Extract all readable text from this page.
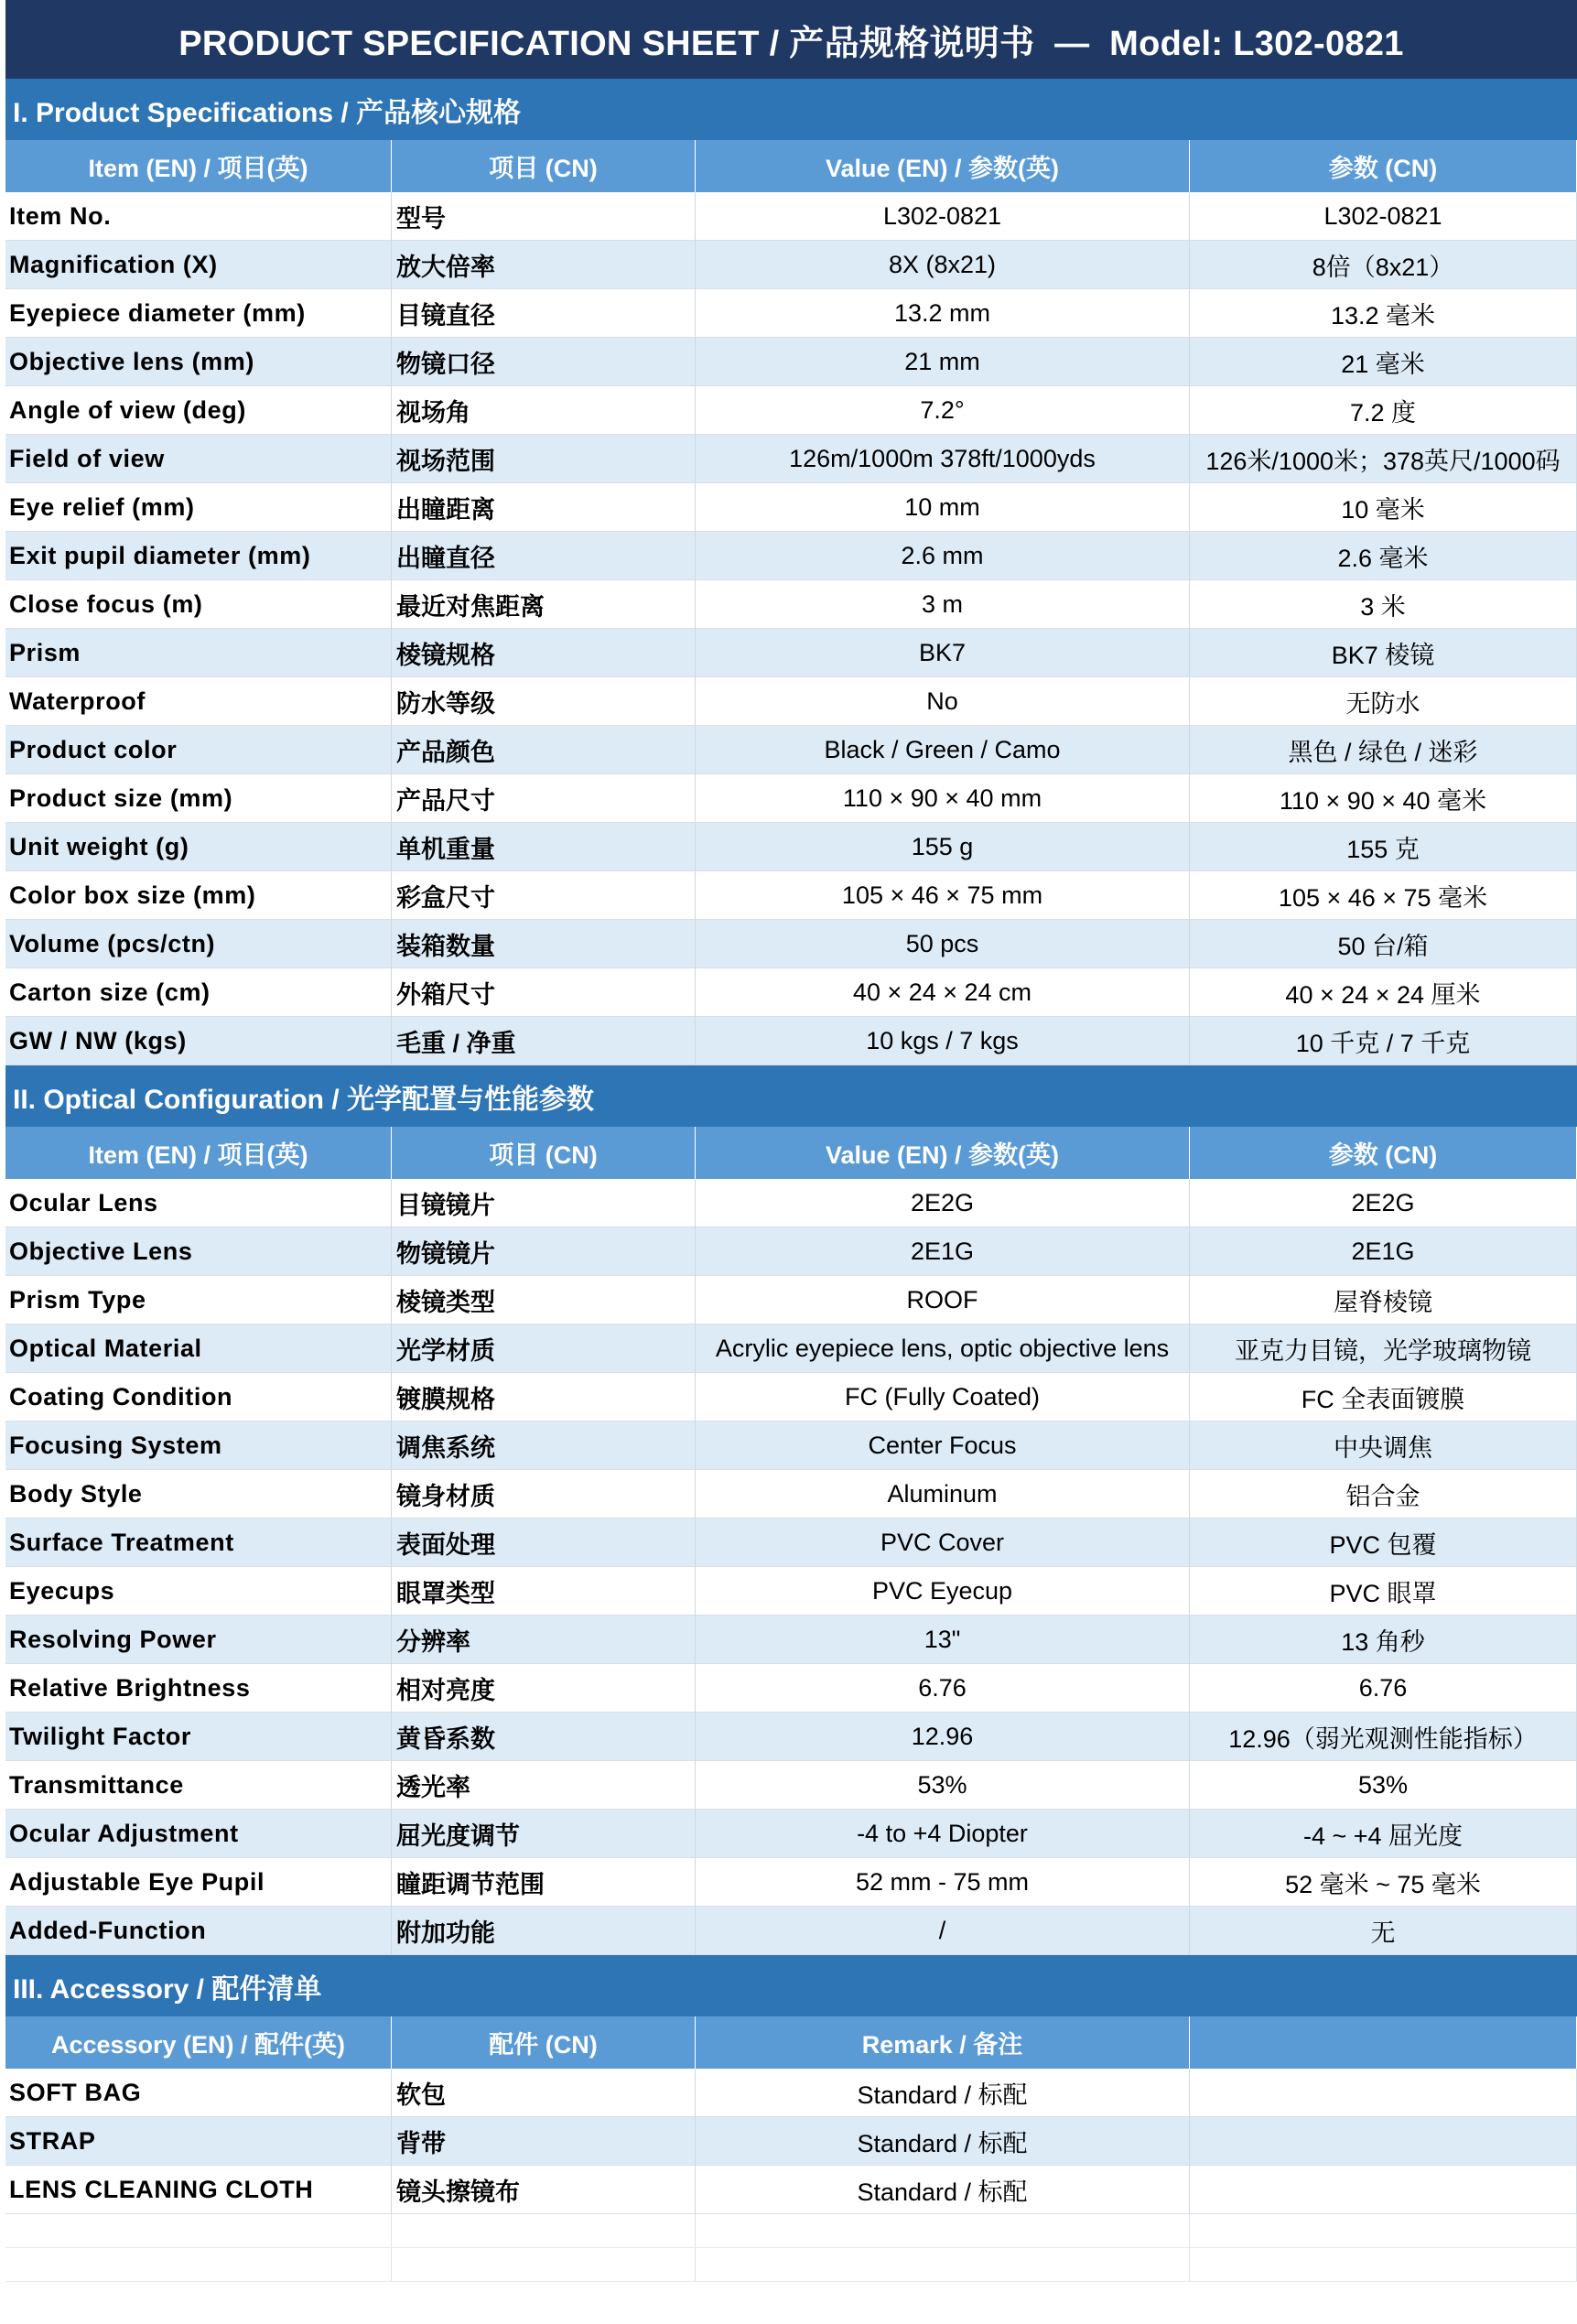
PRODUCT SPECIFICATION SHEET / 产品规格说明书  —  Model: L302-0821
I. Product Specifications / 产品核心规格
Item (EN) / 项目(英)	项目 (CN)	Value (EN) / 参数(英)	参数 (CN)
Item No.	型号	L302-0821	L302-0821
Magnification (X)	放大倍率	8X (8x21)	8倍（8x21）
Eyepiece diameter (mm)	目镜直径	13.2 mm	13.2 毫米
Objective lens (mm)	物镜口径	21 mm	21 毫米
Angle of view (deg)	视场角	7.2°	7.2 度
Field of view	视场范围	126m/1000m 378ft/1000yds	126米/1000米；378英尺/1000码
Eye relief (mm)	出瞳距离	10 mm	10 毫米
Exit pupil diameter (mm)	出瞳直径	2.6 mm	2.6 毫米
Close focus (m)	最近对焦距离	3 m	3 米
Prism	棱镜规格	BK7	BK7 棱镜
Waterproof	防水等级	No	无防水
Product color	产品颜色	Black / Green / Camo	黑色 / 绿色 / 迷彩
Product size (mm)	产品尺寸	110 × 90 × 40 mm	110 × 90 × 40 毫米
Unit weight (g)	单机重量	155 g	155 克
Color box size (mm)	彩盒尺寸	105 × 46 × 75 mm	105 × 46 × 75 毫米
Volume (pcs/ctn)	装箱数量	50 pcs	50 台/箱
Carton size (cm)	外箱尺寸	40 × 24 × 24 cm	40 × 24 × 24 厘米
GW / NW (kgs)	毛重 / 净重	10 kgs / 7 kgs	10 千克 / 7 千克
II. Optical Configuration / 光学配置与性能参数
Item (EN) / 项目(英)	项目 (CN)	Value (EN) / 参数(英)	参数 (CN)
Ocular Lens	目镜镜片	2E2G	2E2G
Objective Lens	物镜镜片	2E1G	2E1G
Prism Type	棱镜类型	ROOF	屋脊棱镜
Optical Material	光学材质	Acrylic eyepiece lens, optic objective lens	亚克力目镜，光学玻璃物镜
Coating Condition	镀膜规格	FC (Fully Coated)	FC 全表面镀膜
Focusing System	调焦系统	Center Focus	中央调焦
Body Style	镜身材质	Aluminum	铝合金
Surface Treatment	表面处理	PVC Cover	PVC 包覆
Eyecups	眼罩类型	PVC Eyecup	PVC 眼罩
Resolving Power	分辨率	13"	13 角秒
Relative Brightness	相对亮度	6.76	6.76
Twilight Factor	黄昏系数	12.96	12.96（弱光观测性能指标）
Transmittance	透光率	53%	53%
Ocular Adjustment	屈光度调节	-4 to +4 Diopter	-4 ~ +4 屈光度
Adjustable Eye Pupil	瞳距调节范围	52 mm - 75 mm	52 毫米 ~ 75 毫米
Added-Function	附加功能	/	无
III. Accessory / 配件清单
Accessory (EN) / 配件(英)	配件 (CN)	Remark / 备注
SOFT BAG	软包	Standard / 标配
STRAP	背带	Standard / 标配
LENS CLEANING CLOTH	镜头擦镜布	Standard / 标配
